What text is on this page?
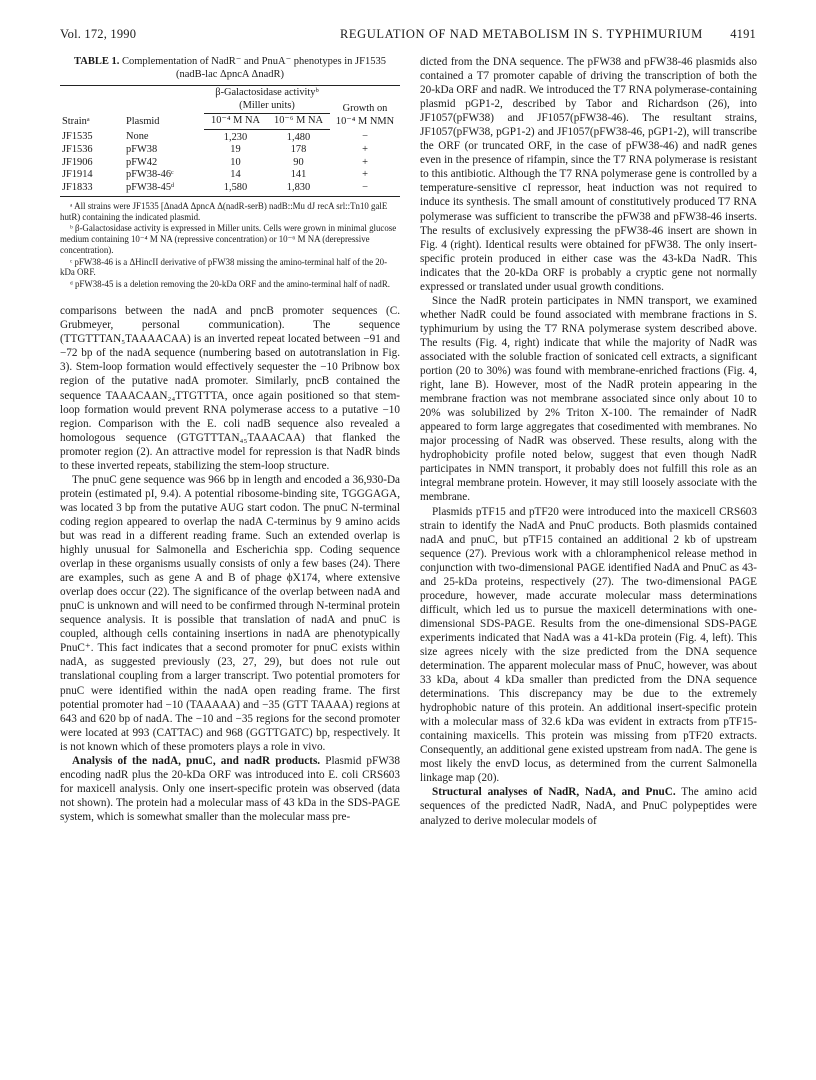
Vol. 172, 1990	REGULATION OF NAD METABOLISM IN S. TYPHIMURIUM 4191

TABLE 1. Complementation of NadR⁻ and PnuA⁻ phenotypes in JF1535 (nadB-lac ΔpncA ΔnadR)

Strainᵃ	Plasmid	β-Galactosidase activityᵇ (Miller units)		Growth on 10⁻⁴ M NMN
		10⁻⁴ M NA	10⁻⁶ M NA	
JF1535	None	1,230	1,480	−
JF1536	pFW38	19	178	+
JF1906	pFW42	10	90	+
JF1914	pFW38-46ᶜ	14	141	+
JF1833	pFW38-45ᵈ	1,580	1,830	−

ᵃ All strains were JF1535 [ΔnadA ΔpncA Δ(nadR-serB) nadB::Mu dJ recA srl::Tn10 galE hutR) containing the indicated plasmid.

ᵇ β-Galactosidase activity is expressed in Miller units. Cells were grown in minimal glucose medium containing 10⁻⁴ M NA (repressive concentration) or 10⁻⁶ M NA (derepressive concentration).

ᶜ pFW38-46 is a ΔHincII derivative of pFW38 missing the amino-terminal half of the 20-kDa ORF.

ᵈ pFW38-45 is a deletion removing the 20-kDa ORF and the amino-terminal half of nadR.

comparisons between the nadA and pncB promoter sequences (C. Grubmeyer, personal communication). The sequence (TTGTTTAN₅TAAAACAA) is an inverted repeat located between −91 and −72 bp of the nadA sequence (numbering based on autotranslation in Fig. 3). Stem-loop formation would effectively sequester the −10 Pribnow box region of the putative nadA promoter. Similarly, pncB contained the sequence TAAACAAN₂₄TTGTTTA, once again positioned so that stem-loop formation would prevent RNA polymerase access to a putative −10 region. Comparison with the E. coli nadB sequence also revealed a homologous sequence (GTGTTTAN₄₅TAAACAA) that flanked the promoter region (2). An attractive model for repression is that NadR binds to these inverted repeats, stabilizing the stem-loop structure.

The pnuC gene sequence was 966 bp in length and encoded a 36,930-Da protein (estimated pI, 9.4). A potential ribosome-binding site, TGGGAGA, was located 3 bp from the putative AUG start codon. The pnuC N-terminal coding region appeared to overlap the nadA C-terminus by 9 amino acids but was read in a different reading frame. Such an extended overlap is highly unusual for Salmonella and Escherichia spp. Coding sequence overlap in these organisms usually consists of only a few bases (24). There are examples, such as gene A and B of phage ϕX174, where extensive overlap does occur (22). The significance of the overlap between nadA and pnuC is unknown and will need to be confirmed through N-terminal protein sequence analysis. It is possible that translation of nadA and pnuC is coupled, although cells containing insertions in nadA are phenotypically PnuC⁺. This fact indicates that a second promoter for pnuC exists within nadA, as suggested previously (23, 27, 29), but does not rule out translational coupling from a larger transcript. Two potential promoters for pnuC were identified within the nadA open reading frame. The first potential promoter had −10 (TAAAAA) and −35 (GTT TAAAA) regions at 643 and 620 bp of nadA. The −10 and −35 regions for the second promoter were located at 993 (CATTAC) and 968 (GGTTGATC) bp, respectively. It is not known which of these promoters plays a role in vivo.

Analysis of the nadA, pnuC, and nadR products. Plasmid pFW38 encoding nadR plus the 20-kDa ORF was introduced into E. coli CRS603 for maxicell analysis. Only one insert-specific protein was observed (data not shown). The protein had a molecular mass of 43 kDa in the SDS-PAGE system, which is somewhat smaller than the molecular mass pre-

dicted from the DNA sequence. The pFW38 and pFW38-46 plasmids also contained a T7 promoter capable of driving the transcription of both the 20-kDa ORF and nadR. We introduced the T7 RNA polymerase-containing plasmid pGP1-2, described by Tabor and Richardson (26), into JF1057(pFW38) and JF1057(pFW38-46). The resultant strains, JF1057(pFW38, pGP1-2) and JF1057(pFW38-46, pGP1-2), will transcribe the ORF (or truncated ORF, in the case of pFW38-46) and nadR genes even in the presence of rifampin, since the T7 RNA polymerase is resistant to this antibiotic. Although the T7 RNA polymerase gene is controlled by a temperature-sensitive cI repressor, heat induction was not required to induce its synthesis. The small amount of constitutively produced T7 RNA polymerase was sufficient to transcribe the pFW38 and pFW38-46 inserts. The results of exclusively expressing the pFW38-46 insert are shown in Fig. 4 (right). Identical results were obtained for pFW38. The only insert-specific protein produced in either case was the 43-kDa NadR. This indicates that the 20-kDa ORF is probably a cryptic gene not normally expressed or translated under usual growth conditions.

Since the NadR protein participates in NMN transport, we examined whether NadR could be found associated with membrane fractions in S. typhimurium by using the T7 RNA polymerase system described above. The results (Fig. 4, right) indicate that while the majority of NadR was associated with the soluble fraction of sonicated cell extracts, a significant portion (20 to 30%) was found with membrane-enriched fractions (Fig. 4, right, lane B). However, most of the NadR protein appearing in the membrane fraction was not membrane associated since only about 10 to 20% was solubilized by 2% Triton X-100. The remainder of NadR appeared to form large aggregates that cosedimented with membranes. No major processing of NadR was observed. These results, along with the hydrophobicity profile noted below, suggest that even though NadR participates in NMN transport, it probably does not fulfill this role as an integral membrane protein. However, it may still loosely associate with the membrane.

Plasmids pTF15 and pTF20 were introduced into the maxicell CRS603 strain to identify the NadA and PnuC products. Both plasmids contained nadA and pnuC, but pTF15 contained an additional 2 kb of upstream sequence (27). Previous work with a chloramphenicol release method in conjunction with two-dimensional PAGE identified NadA and PnuC as 43- and 25-kDa proteins, respectively (27). The two-dimensional PAGE procedure, however, made accurate molecular mass determinations difficult, which led us to pursue the maxicell determinations with one-dimensional SDS-PAGE. Results from the one-dimensional SDS-PAGE experiments indicated that NadA was a 41-kDa protein (Fig. 4, left). This size agrees nicely with the size predicted from the DNA sequence determination. The apparent molecular mass of PnuC, however, was about 33 kDa, about 4 kDa smaller than predicted from the DNA sequence determinations. This discrepancy may be due to the extremely hydrophobic nature of this protein. An additional insert-specific protein with a molecular mass of 32.6 kDa was evident in extracts from pTF15-containing maxicells. This protein was missing from pTF20 extracts. Consequently, an additional gene existed upstream from nadA. The gene is most likely the envD locus, as determined from the current Salmonella linkage map (20).

Structural analyses of NadR, NadA, and PnuC. The amino acid sequences of the predicted NadR, NadA, and PnuC polypeptides were analyzed to derive molecular models of
